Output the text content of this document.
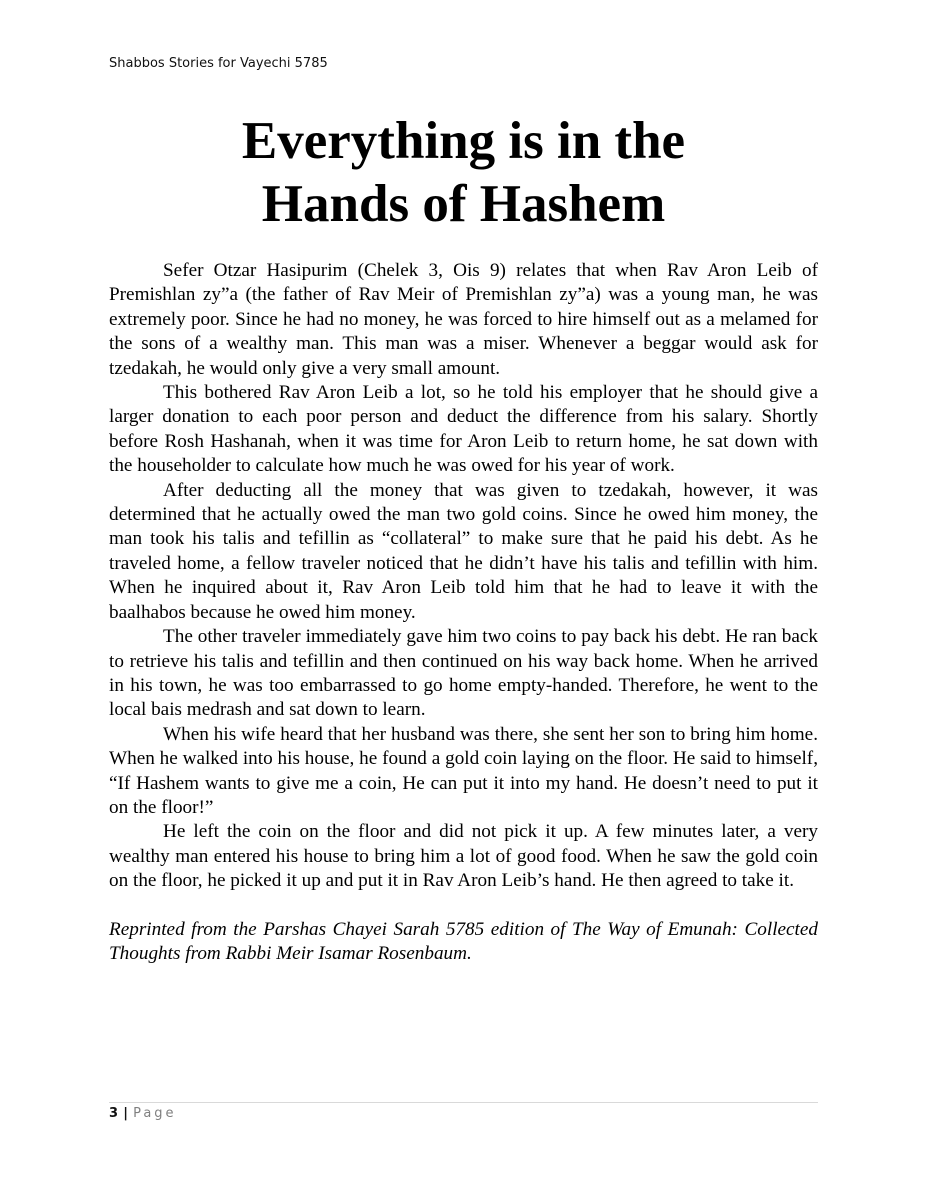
Shabbos Stories for Vayechi 5785
Everything is in the
Hands of Hashem

Sefer Otzar Hasipurim (Chelek 3, Ois 9) relates that when Rav Aron Leib of Premishlan zy”a (the father of Rav Meir of Premishlan zy”a) was a young man, he was extremely poor. Since he had no money, he was forced to hire himself out as a melamed for the sons of a wealthy man. This man was a miser. Whenever a beggar would ask for tzedakah, he would only give a very small amount.

This bothered Rav Aron Leib a lot, so he told his employer that he should give a larger donation to each poor person and deduct the difference from his salary. Shortly before Rosh Hashanah, when it was time for Aron Leib to return home, he sat down with the householder to calculate how much he was owed for his year of work.

After deducting all the money that was given to tzedakah, however, it was determined that he actually owed the man two gold coins. Since he owed him money, the man took his talis and tefillin as “collateral” to make sure that he paid his debt. As he traveled home, a fellow traveler noticed that he didn’t have his talis and tefillin with him. When he inquired about it, Rav Aron Leib told him that he had to leave it with the baalhabos because he owed him money.

The other traveler immediately gave him two coins to pay back his debt. He ran back to retrieve his talis and tefillin and then continued on his way back home. When he arrived in his town, he was too embarrassed to go home empty-handed. Therefore, he went to the local bais medrash and sat down to learn.

When his wife heard that her husband was there, she sent her son to bring him home. When he walked into his house, he found a gold coin laying on the floor. He said to himself, “If Hashem wants to give me a coin, He can put it into my hand. He doesn’t need to put it on the floor!”

He left the coin on the floor and did not pick it up. A few minutes later, a very wealthy man entered his house to bring him a lot of good food. When he saw the gold coin on the floor, he picked it up and put it in Rav Aron Leib’s hand. He then agreed to take it.

Reprinted from the Parshas Chayei Sarah 5785 edition of The Way of Emunah: Collected Thoughts from Rabbi Meir Isamar Rosenbaum.

3 | Page
